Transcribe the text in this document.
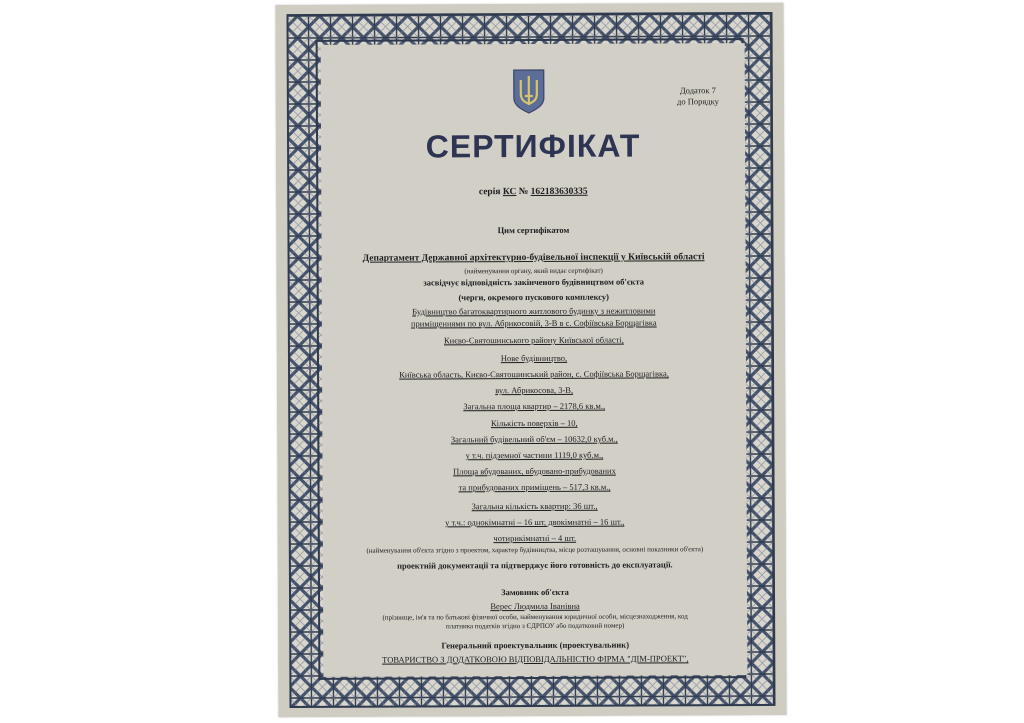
Додаток 7
до Порядку
СЕРТИФІКАТ
серія КС № 162183630335
Цим сертифікатом
Департамент Державної архітектурно-будівельної інспекції у Київській області
(найменування органу, який видає сертифікат)
засвідчує відповідність закінченого будівництвом об'єкта
(черги, окремого пускового комплексу)
Будівництво багатоквартирного житлового будинку з нежитловими
приміщеннями по вул. Абрикосовій, 3-В в с. Софіївська Борщагівка
Києво-Святошинського району Київської області,
Нове будівництво,
Київська область, Києво-Святошинський район, с. Софіївська Борщагівка,
вул. Абрикосова, 3-В,
Загальна площа квартир – 2178,6 кв.м.,
Кількість поверхів – 10,
Загальний будівельний об'єм – 10632,0 куб.м.,
у т.ч. підземної частини 1119,0 куб.м.,
Площа вбудованих, вбудовано-прибудованих
та прибудованих приміщень – 517,3 кв.м.,
Загальна кількість квартир: 36 шт.,
у т.ч.: однокімнатні – 16 шт, двокімнатні – 16 шт.,
чотирикімнатні – 4 шт.
(найменування об'єкта згідно з проектом, характер будівництва, місце розташування, основні показники об'єкта)
проектній документації та підтверджує його готовність до експлуатації.
Замовник об'єкта
Верес Людмила Іванівна
(прізвище, ім'я та по батькові фізичної особи, найменування юридичної особи, місцезнаходження, код
платника податків згідно з ЄДРПОУ або податковий номер)
Генеральний проектувальник (проектувальник)
ТОВАРИСТВО З ДОДАТКОВОЮ ВІДПОВІДАЛЬНІСТЮ ФІРМА "ДІМ-ПРОЕКТ",
